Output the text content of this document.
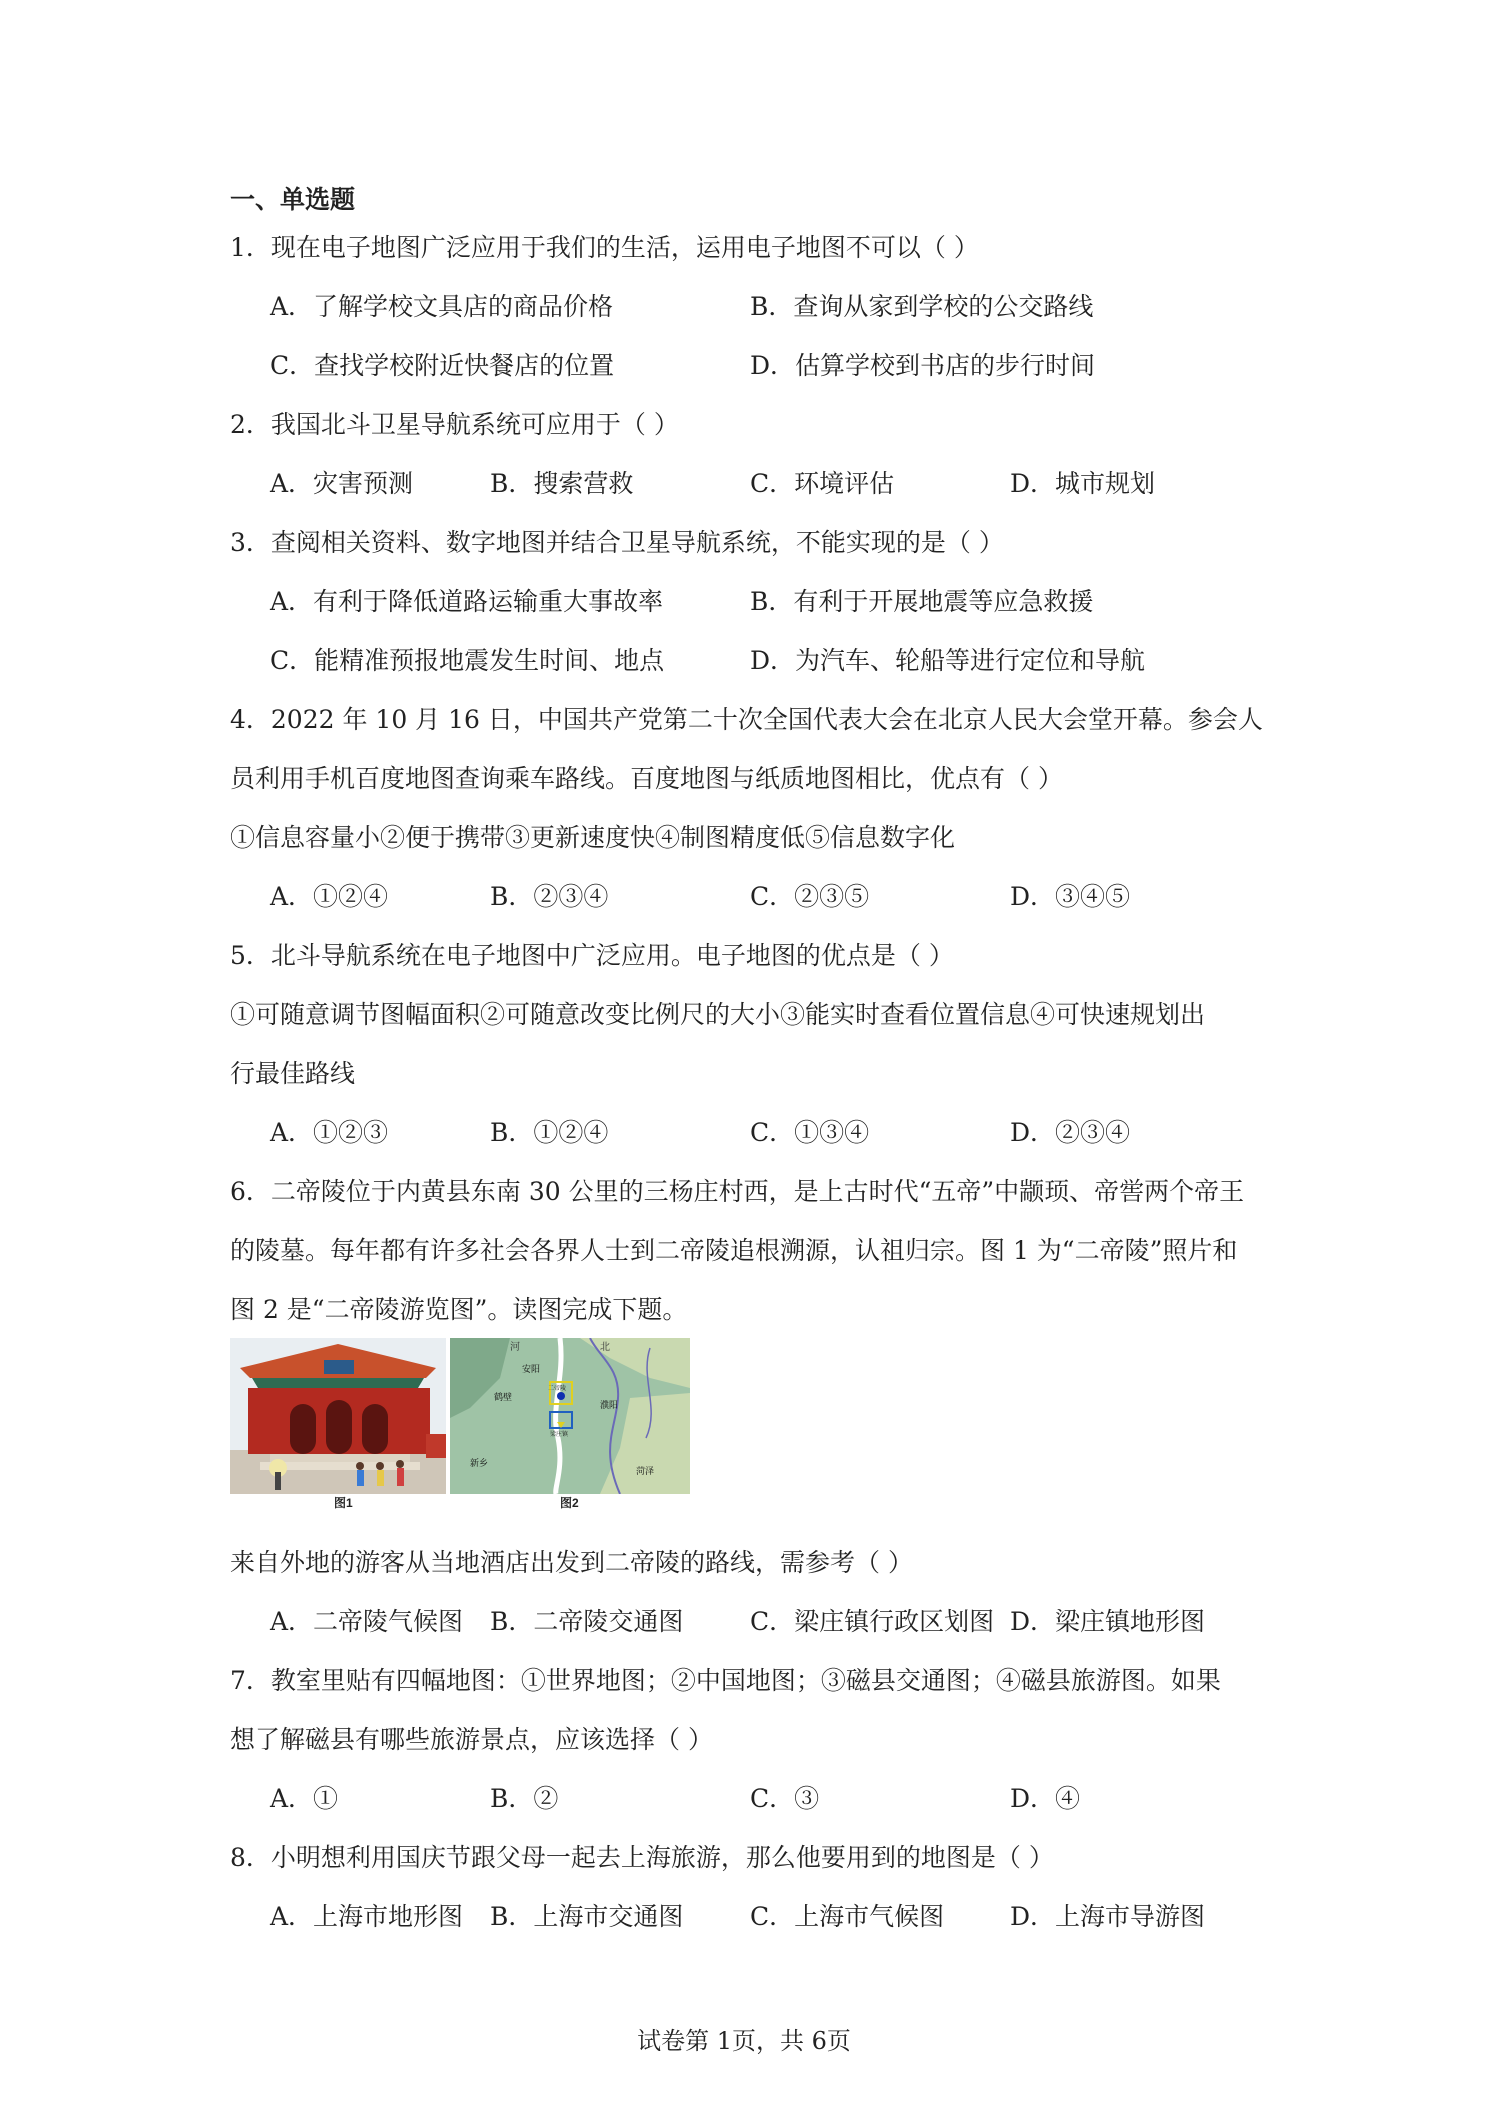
一、单选题
1．现在电子地图广泛应用于我们的生活，运用电子地图不可以（ ）
A．了解学校文具店的商品价格	B．查询从家到学校的公交路线
C．查找学校附近快餐店的位置	D．估算学校到书店的步行时间
2．我国北斗卫星导航系统可应用于（ ）
A．灾害预测	B．搜索营救	C．环境评估	D．城市规划
3．查阅相关资料、数字地图并结合卫星导航系统，不能实现的是（ ）
A．有利于降低道路运输重大事故率	B．有利于开展地震等应急救援
C．能精准预报地震发生时间、地点	D．为汽车、轮船等进行定位和导航
4．2022 年 10 月 16 日，中国共产党第二十次全国代表大会在北京人民大会堂开幕。参会人
员利用手机百度地图查询乘车路线。百度地图与纸质地图相比，优点有（ ）
①信息容量小②便于携带③更新速度快④制图精度低⑤信息数字化
A．①②④	B．②③④	C．②③⑤	D．③④⑤
5．北斗导航系统在电子地图中广泛应用。电子地图的优点是（ ）
①可随意调节图幅面积②可随意改变比例尺的大小③能实时查看位置信息④可快速规划出
行最佳路线
A．①②③	B．①②④	C．①③④	D．②③④
6．二帝陵位于内黄县东南 30 公里的三杨庄村西，是上古时代“五帝”中颛顼、帝喾两个帝王
的陵墓。每年都有许多社会各界人士到二帝陵追根溯源，认祖归宗。图 1 为“二帝陵”照片和
图 2 是“二帝陵游览图”。读图完成下题。
河	北
安阳
鹤壁
濮阳
新乡
菏泽
二帝陵
梁庄镇
图1	图2
来自外地的游客从当地酒店出发到二帝陵的路线，需参考（ ）
A．二帝陵气候图 B．二帝陵交通图	C．梁庄镇行政区划图 D．梁庄镇地形图
7．教室里贴有四幅地图：①世界地图；②中国地图；③磁县交通图；④磁县旅游图。如果
想了解磁县有哪些旅游景点，应该选择（ ）
A．①	B．②	C．③	D．④
8．小明想利用国庆节跟父母一起去上海旅游，那么他要用到的地图是（ ）
A．上海市地形图 B．上海市交通图	C．上海市气候图	D．上海市导游图
试卷第 1页，共 6页
